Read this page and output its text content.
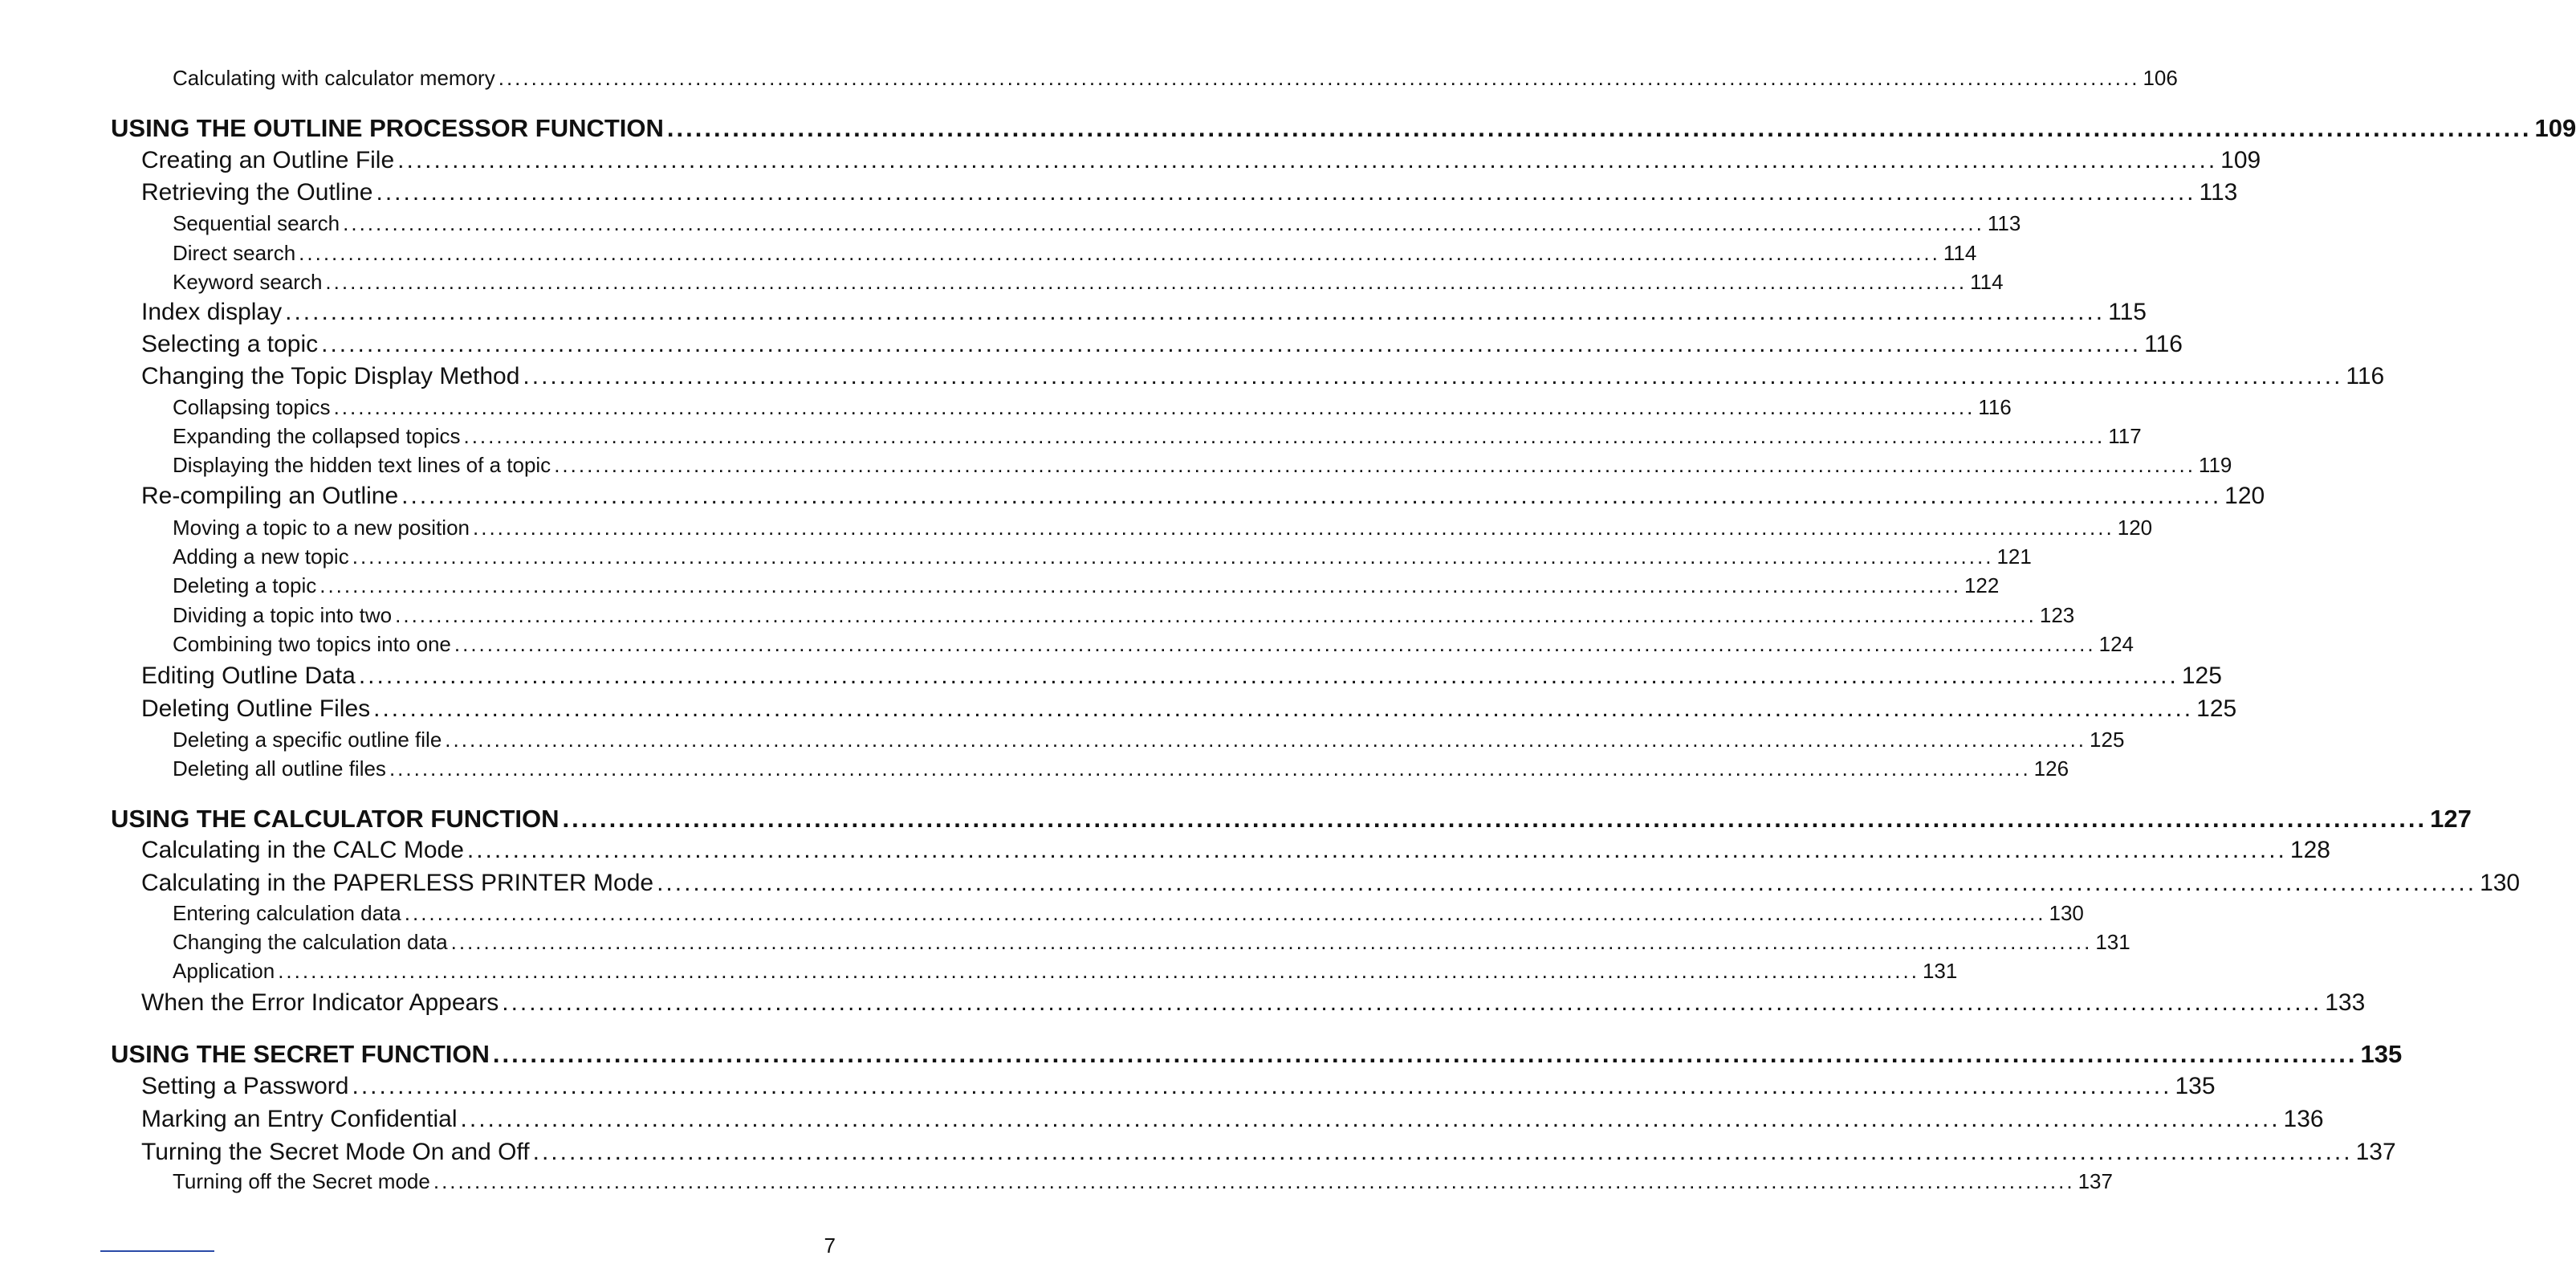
Calculating with calculator memory ........................................................................................................................................................................................................ 106
USING THE OUTLINE PROCESSOR FUNCTION ........................................................................................................................................................................................................ 109
Creating an Outline File ........................................................................................................................................................................................................ 109
Retrieving the Outline ........................................................................................................................................................................................................ 113
Sequential search ........................................................................................................................................................................................................ 113
Direct search ........................................................................................................................................................................................................ 114
Keyword search ........................................................................................................................................................................................................ 114
Index display ........................................................................................................................................................................................................ 115
Selecting a topic ........................................................................................................................................................................................................ 116
Changing the Topic Display Method ........................................................................................................................................................................................................ 116
Collapsing topics ........................................................................................................................................................................................................ 116
Expanding the collapsed topics ........................................................................................................................................................................................................ 117
Displaying the hidden text lines of a topic ........................................................................................................................................................................................................ 119
Re-compiling an Outline ........................................................................................................................................................................................................ 120
Moving a topic to a new position ........................................................................................................................................................................................................ 120
Adding a new topic ........................................................................................................................................................................................................ 121
Deleting a topic ........................................................................................................................................................................................................ 122
Dividing a topic into two ........................................................................................................................................................................................................ 123
Combining two topics into one ........................................................................................................................................................................................................ 124
Editing Outline Data ........................................................................................................................................................................................................ 125
Deleting Outline Files ........................................................................................................................................................................................................ 125
Deleting a specific outline file ........................................................................................................................................................................................................ 125
Deleting all outline files ........................................................................................................................................................................................................ 126
USING THE CALCULATOR FUNCTION ........................................................................................................................................................................................................ 127
Calculating in the CALC Mode ........................................................................................................................................................................................................ 128
Calculating in the PAPERLESS PRINTER Mode ........................................................................................................................................................................................................ 130
Entering calculation data ........................................................................................................................................................................................................ 130
Changing the calculation data ........................................................................................................................................................................................................ 131
Application ........................................................................................................................................................................................................ 131
When the Error Indicator Appears ........................................................................................................................................................................................................ 133
USING THE SECRET FUNCTION ........................................................................................................................................................................................................ 135
Setting a Password ........................................................................................................................................................................................................ 135
Marking an Entry Confidential ........................................................................................................................................................................................................ 136
Turning the Secret Mode On and Off ........................................................................................................................................................................................................ 137
Turning off the Secret mode ........................................................................................................................................................................................................ 137
7
